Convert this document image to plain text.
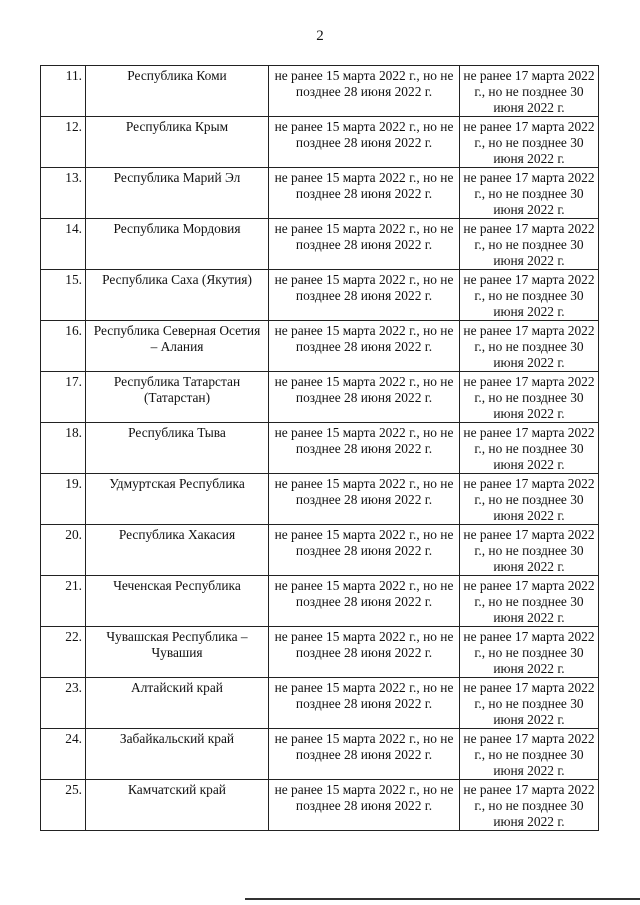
2
11.	Республика Коми	не ранее 15 марта 2022 г., но не позднее 28 июня 2022 г.	не ранее 17 марта 2022 г., но не позднее 30 июня 2022 г.
12.	Республика Крым	не ранее 15 марта 2022 г., но не позднее 28 июня 2022 г.	не ранее 17 марта 2022 г., но не позднее 30 июня 2022 г.
13.	Республика Марий Эл	не ранее 15 марта 2022 г., но не позднее 28 июня 2022 г.	не ранее 17 марта 2022 г., но не позднее 30 июня 2022 г.
14.	Республика Мордовия	не ранее 15 марта 2022 г., но не позднее 28 июня 2022 г.	не ранее 17 марта 2022 г., но не позднее 30 июня 2022 г.
15.	Республика Саха (Якутия)	не ранее 15 марта 2022 г., но не позднее 28 июня 2022 г.	не ранее 17 марта 2022 г., но не позднее 30 июня 2022 г.
16.	Республика Северная Осетия – Алания	не ранее 15 марта 2022 г., но не позднее 28 июня 2022 г.	не ранее 17 марта 2022 г., но не позднее 30 июня 2022 г.
17.	Республика Татарстан (Татарстан)	не ранее 15 марта 2022 г., но не позднее 28 июня 2022 г.	не ранее 17 марта 2022 г., но не позднее 30 июня 2022 г.
18.	Республика Тыва	не ранее 15 марта 2022 г., но не позднее 28 июня 2022 г.	не ранее 17 марта 2022 г., но не позднее 30 июня 2022 г.
19.	Удмуртская Республика	не ранее 15 марта 2022 г., но не позднее 28 июня 2022 г.	не ранее 17 марта 2022 г., но не позднее 30 июня 2022 г.
20.	Республика Хакасия	не ранее 15 марта 2022 г., но не позднее 28 июня 2022 г.	не ранее 17 марта 2022 г., но не позднее 30 июня 2022 г.
21.	Чеченская Республика	не ранее 15 марта 2022 г., но не позднее 28 июня 2022 г.	не ранее 17 марта 2022 г., но не позднее 30 июня 2022 г.
22.	Чувашская Республика – Чувашия	не ранее 15 марта 2022 г., но не позднее 28 июня 2022 г.	не ранее 17 марта 2022 г., но не позднее 30 июня 2022 г.
23.	Алтайский край	не ранее 15 марта 2022 г., но не позднее 28 июня 2022 г.	не ранее 17 марта 2022 г., но не позднее 30 июня 2022 г.
24.	Забайкальский край	не ранее 15 марта 2022 г., но не позднее 28 июня 2022 г.	не ранее 17 марта 2022 г., но не позднее 30 июня 2022 г.
25.	Камчатский край	не ранее 15 марта 2022 г., но не позднее 28 июня 2022 г.	не ранее 17 марта 2022 г., но не позднее 30 июня 2022 г.
